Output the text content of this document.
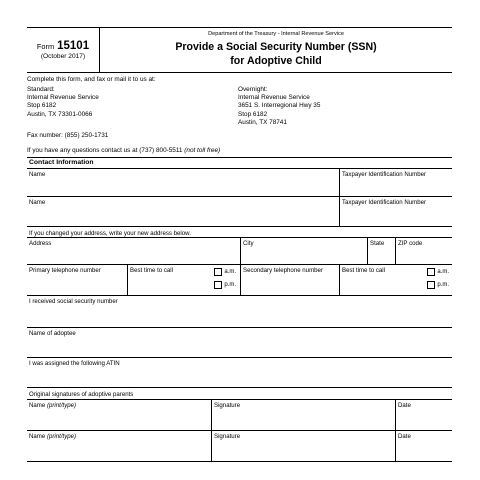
Form 15101
(October 2017)
Department of the Treasury - Internal Revenue Service
Provide a Social Security Number (SSN)
for Adoptive Child
Complete this form, and fax or mail it to us at:
Standard:
Internal Revenue Service
Stop 6182
Austin, TX 73301-0066
Overnight:
Internal Revenue Service
3651 S. Interregional Hwy 35
Stop 6182
Austin, TX 78741
Fax number: (855) 250-1731
If you have any questions contact us at (737) 800-5511 (not toll free)
Contact Information
Name	Taxpayer Identification Number
Name	Taxpayer Identification Number
If you changed your address, write your new address below.
Address	City	State	ZIP code
Primary telephone number	Best time to call	a.m.
p.m.
Secondary telephone number	Best time to call	a.m.
p.m.
I received social security number
Name of adoptee
I was assigned the following ATIN
Original signatures of adoptive parents
Name (print/type)	Signature	Date
Name (print/type)	Signature	Date
